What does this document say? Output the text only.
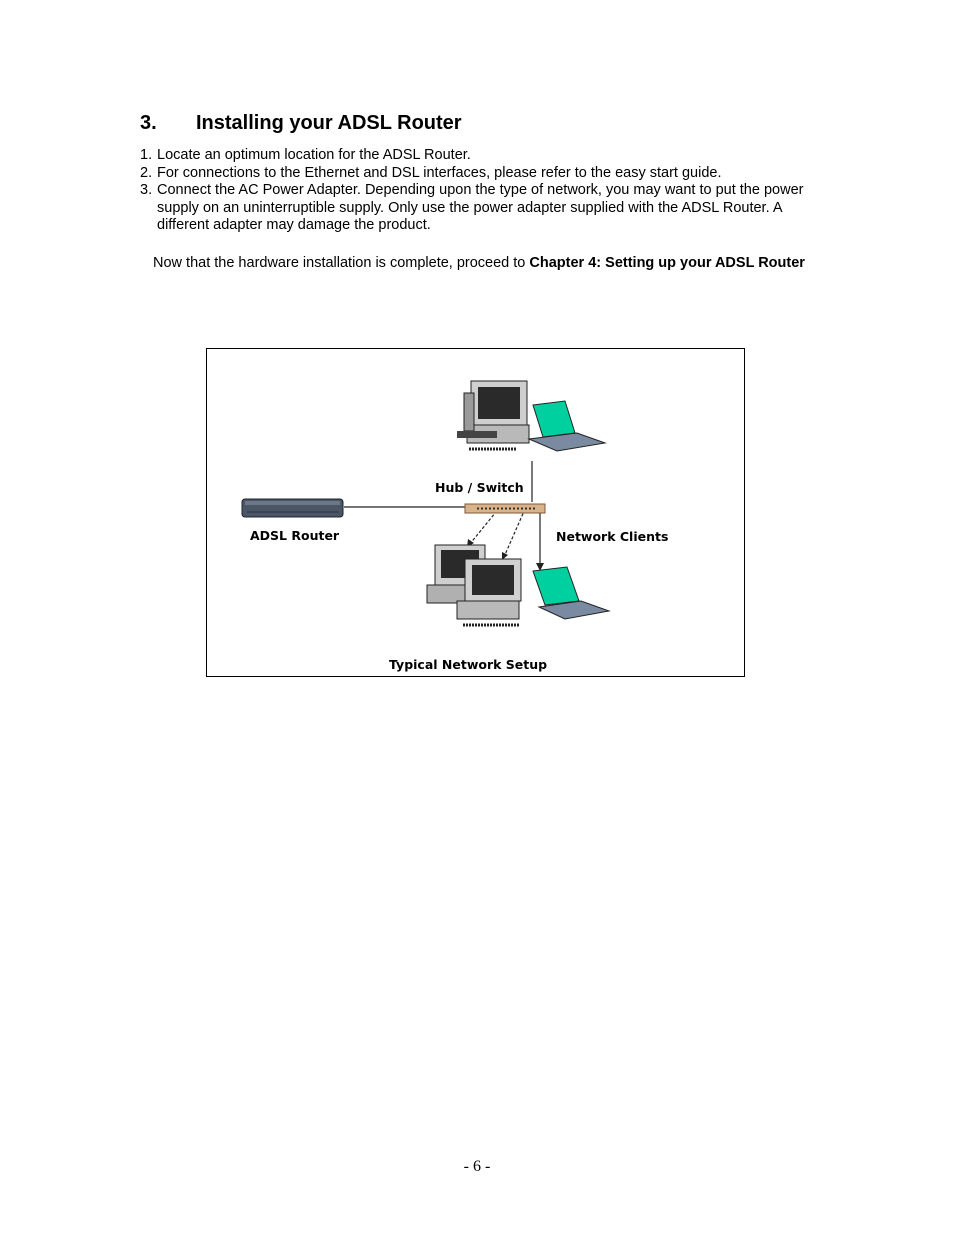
3. Installing your ADSL Router

1. Locate an optimum location for the ADSL Router.

2. For connections to the Ethernet and DSL interfaces, please refer to the easy start guide.

3. Connect the AC Power Adapter. Depending upon the type of network, you may want to put the power supply on an uninterruptible supply. Only use the power adapter supplied with the ADSL Router. A different adapter may damage the product.

Now that the hardware installation is complete, proceed to Chapter 4: Setting up your ADSL Router

Hub / Switch
ADSL Router	Network Clients
Typical Network Setup
- 6 -
